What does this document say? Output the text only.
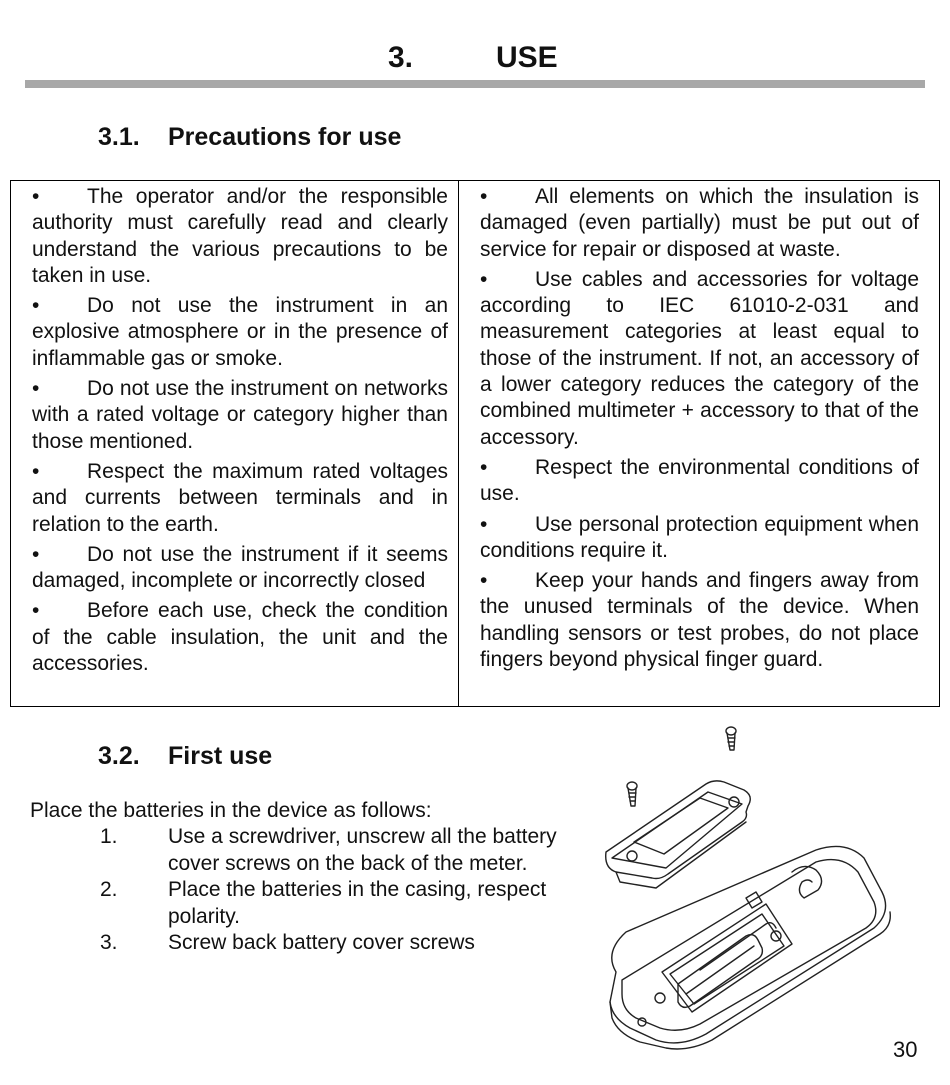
3.	USE
3.1. Precautions for use

• The operator and/or the responsible authority must carefully read and clearly understand the various precautions to be taken in use.

• Do not use the instrument in an explosive atmosphere or in the presence of inflammable gas or smoke.

• Do not use the instrument on networks with a rated voltage or category higher than those mentioned.

• Respect the maximum rated voltages and currents between terminals and in relation to the earth.

• Do not use the instrument if it seems damaged, incomplete or incorrectly closed

• Before each use, check the condition of the cable insulation, the unit and the accessories.

• All elements on which the insulation is damaged (even partially) must be put out of service for repair or disposed at waste.

• Use cables and accessories for voltage according to IEC 61010-2-031 and measurement categories at least equal to those of the instrument. If not, an accessory of a lower category reduces the category of the combined multimeter + accessory to that of the accessory.

• Respect the environmental conditions of use.

• Use personal protection equipment when conditions require it.

• Keep your hands and fingers away from the unused terminals of the device. When handling sensors or test probes, do not place fingers beyond physical finger guard.

3.2. First use
Place the batteries in the device as follows:
1. Use a screwdriver, unscrew all the battery cover screws on the back of the meter.
2. Place the batteries in the casing, respect polarity.
3. Screw back battery cover screws
30
